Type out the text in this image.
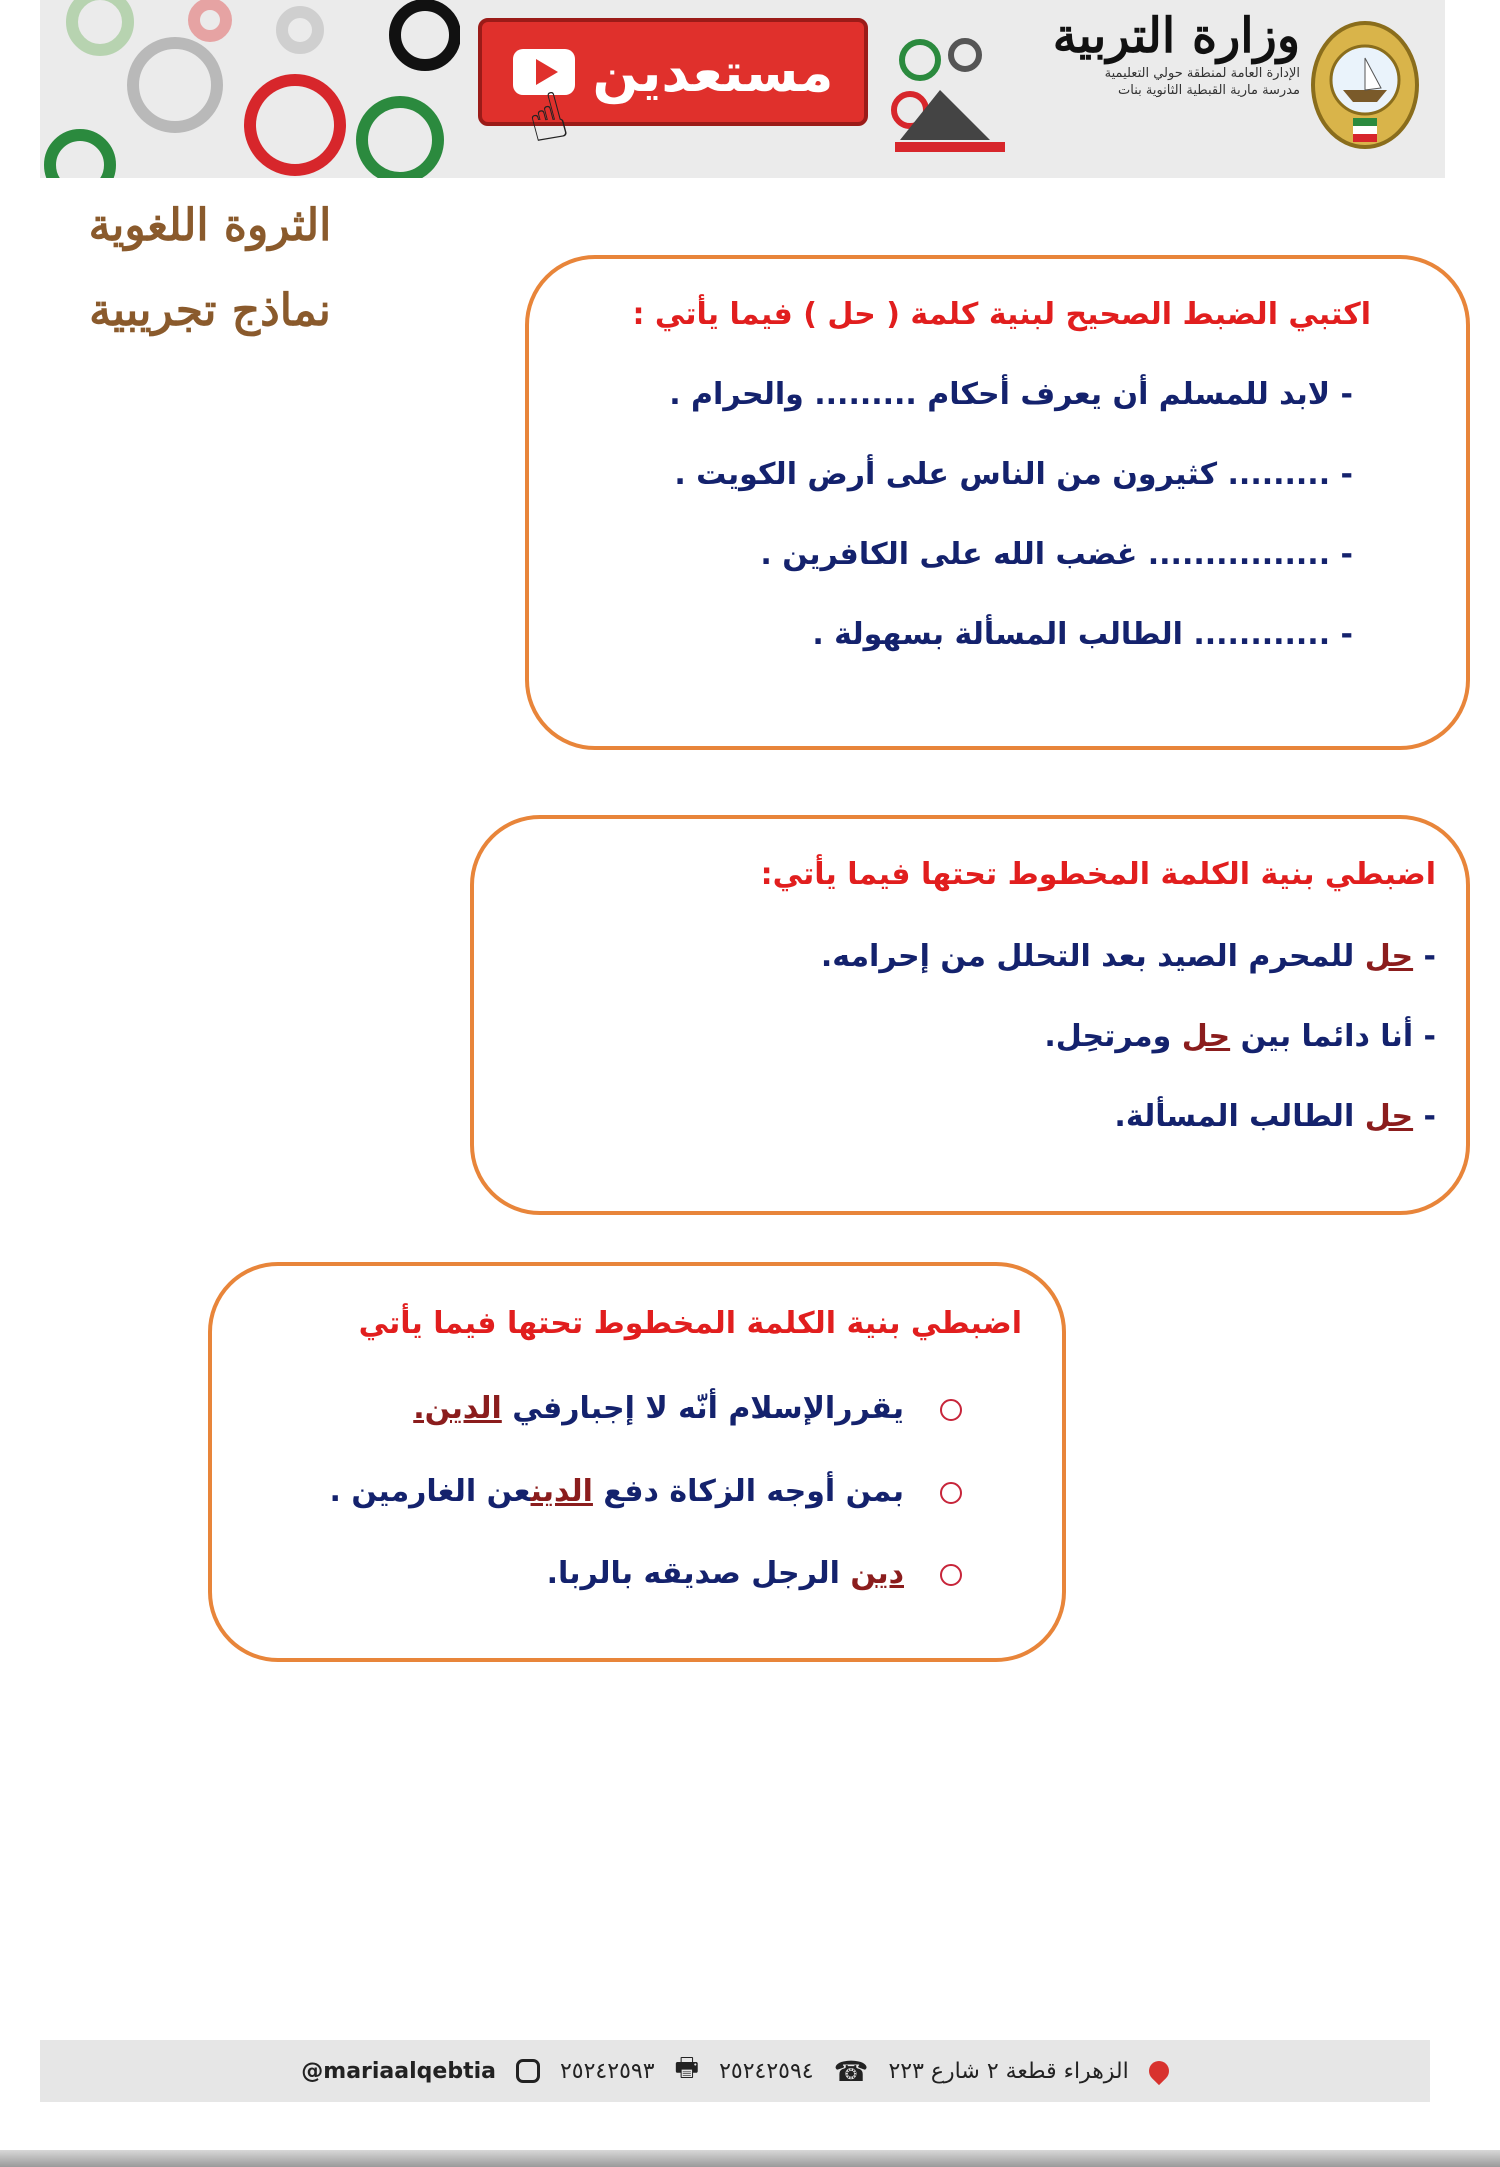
مستعدين
☝
وزارة التربية
الإدارة العامة لمنطقة حولي التعليمية
مدرسة مارية القبطية الثانوية بنات
الثروة اللغوية
نماذج تجريبية	اكتبي الضبط الصحيح لبنية كلمة ( حل ) فيما يأتي :
- لابد للمسلم أن يعرف أحكام ......... والحرام .
- ......... كثيرون من الناس على أرض الكويت .
- ................ غضب الله على الكافرين .
- ............ الطالب المسألة بسهولة .
اضبطي بنية الكلمة المخطوط تحتها فيما يأتي:
- حل للمحرم الصيد بعد التحلل من إحرامه.
- أنا دائما بين حل ومرتحِل.
- حل الطالب المسألة.
اضبطي بنية الكلمة المخطوط تحتها فيما يأتي
يقررالإسلام أنّه لا إجبارفي الدين.
بمن أوجه الزكاة دفع الدينعن الغارمين .
دين الرجل صديقه بالربا.
الزهراء قطعة ٢ شارع ٢٢٣
☎
٢٥٢٤٢٥٩٤
🖶
٢٥٢٤٢٥٩٣
@mariaalqebtia
